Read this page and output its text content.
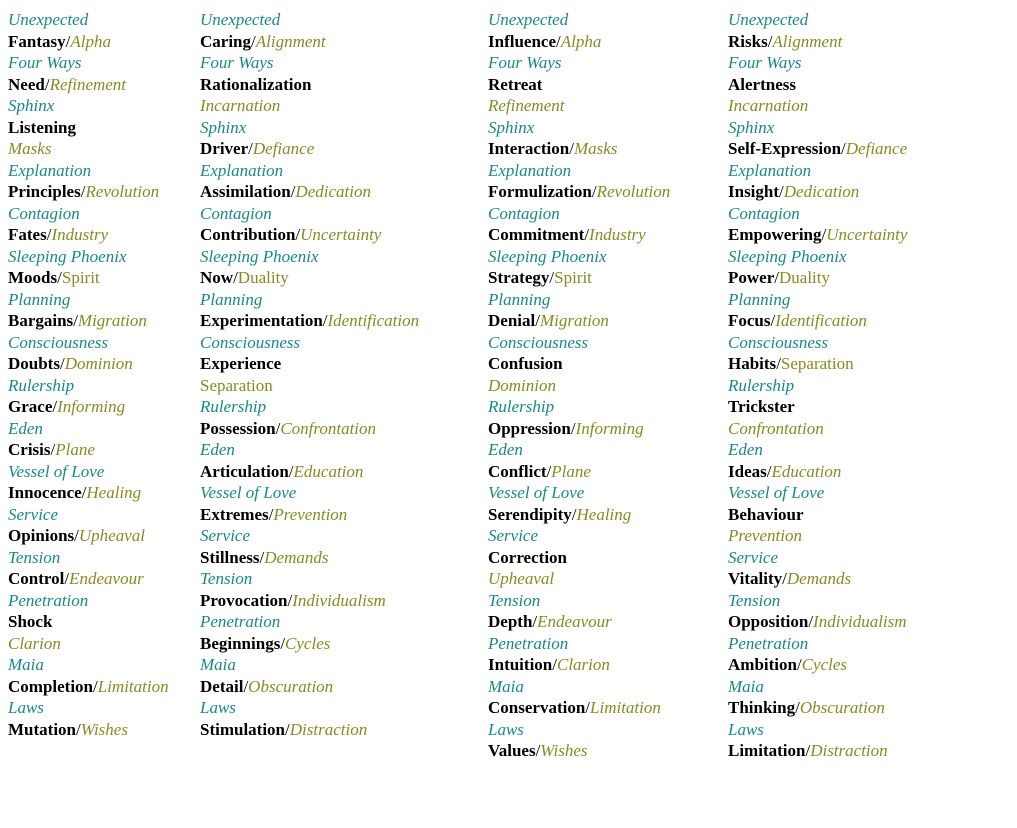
Unexpected
Fantasy/Alpha
Four Ways
Need/Refinement
Sphinx
Listening
Masks
Explanation
Principles/Revolution
Contagion
Fates/Industry
Sleeping Phoenix
Moods/Spirit
Planning
Bargains/Migration
Consciousness
Doubts/Dominion
Rulership
Grace/Informing
Eden
Crisis/Plane
Vessel of Love
Innocence/Healing
Service
Opinions/Upheaval
Tension
Control/Endeavour
Penetration
Shock
Clarion
Maia
Completion/Limitation
Laws
Mutation/Wishes
Unexpected
Caring/Alignment
Four Ways
Rationalization
Incarnation
Sphinx
Driver/Defiance
Explanation
Assimilation/Dedication
Contagion
Contribution/Uncertainty
Sleeping Phoenix
Now/Duality
Planning
Experimentation/Identification
Consciousness
Experience
Separation
Rulership
Possession/Confrontation
Eden
Articulation/Education
Vessel of Love
Extremes/Prevention
Service
Stillness/Demands
Tension
Provocation/Individualism
Penetration
Beginnings/Cycles
Maia
Detail/Obscuration
Laws
Stimulation/Distraction
Unexpected
Influence/Alpha
Four Ways
Retreat
Refinement
Sphinx
Interaction/Masks
Explanation
Formulization/Revolution
Contagion
Commitment/Industry
Sleeping Phoenix
Strategy/Spirit
Planning
Denial/Migration
Consciousness
Confusion
Dominion
Rulership
Oppression/Informing
Eden
Conflict/Plane
Vessel of Love
Serendipity/Healing
Service
Correction
Upheaval
Tension
Depth/Endeavour
Penetration
Intuition/Clarion
Maia
Conservation/Limitation
Laws
Values/Wishes
Unexpected
Risks/Alignment
Four Ways
Alertness
Incarnation
Sphinx
Self-Expression/Defiance
Explanation
Insight/Dedication
Contagion
Empowering/Uncertainty
Sleeping Phoenix
Power/Duality
Planning
Focus/Identification
Consciousness
Habits/Separation
Rulership
Trickster
Confrontation
Eden
Ideas/Education
Vessel of Love
Behaviour
Prevention
Service
Vitality/Demands
Tension
Opposition/Individualism
Penetration
Ambition/Cycles
Maia
Thinking/Obscuration
Laws
Limitation/Distraction
